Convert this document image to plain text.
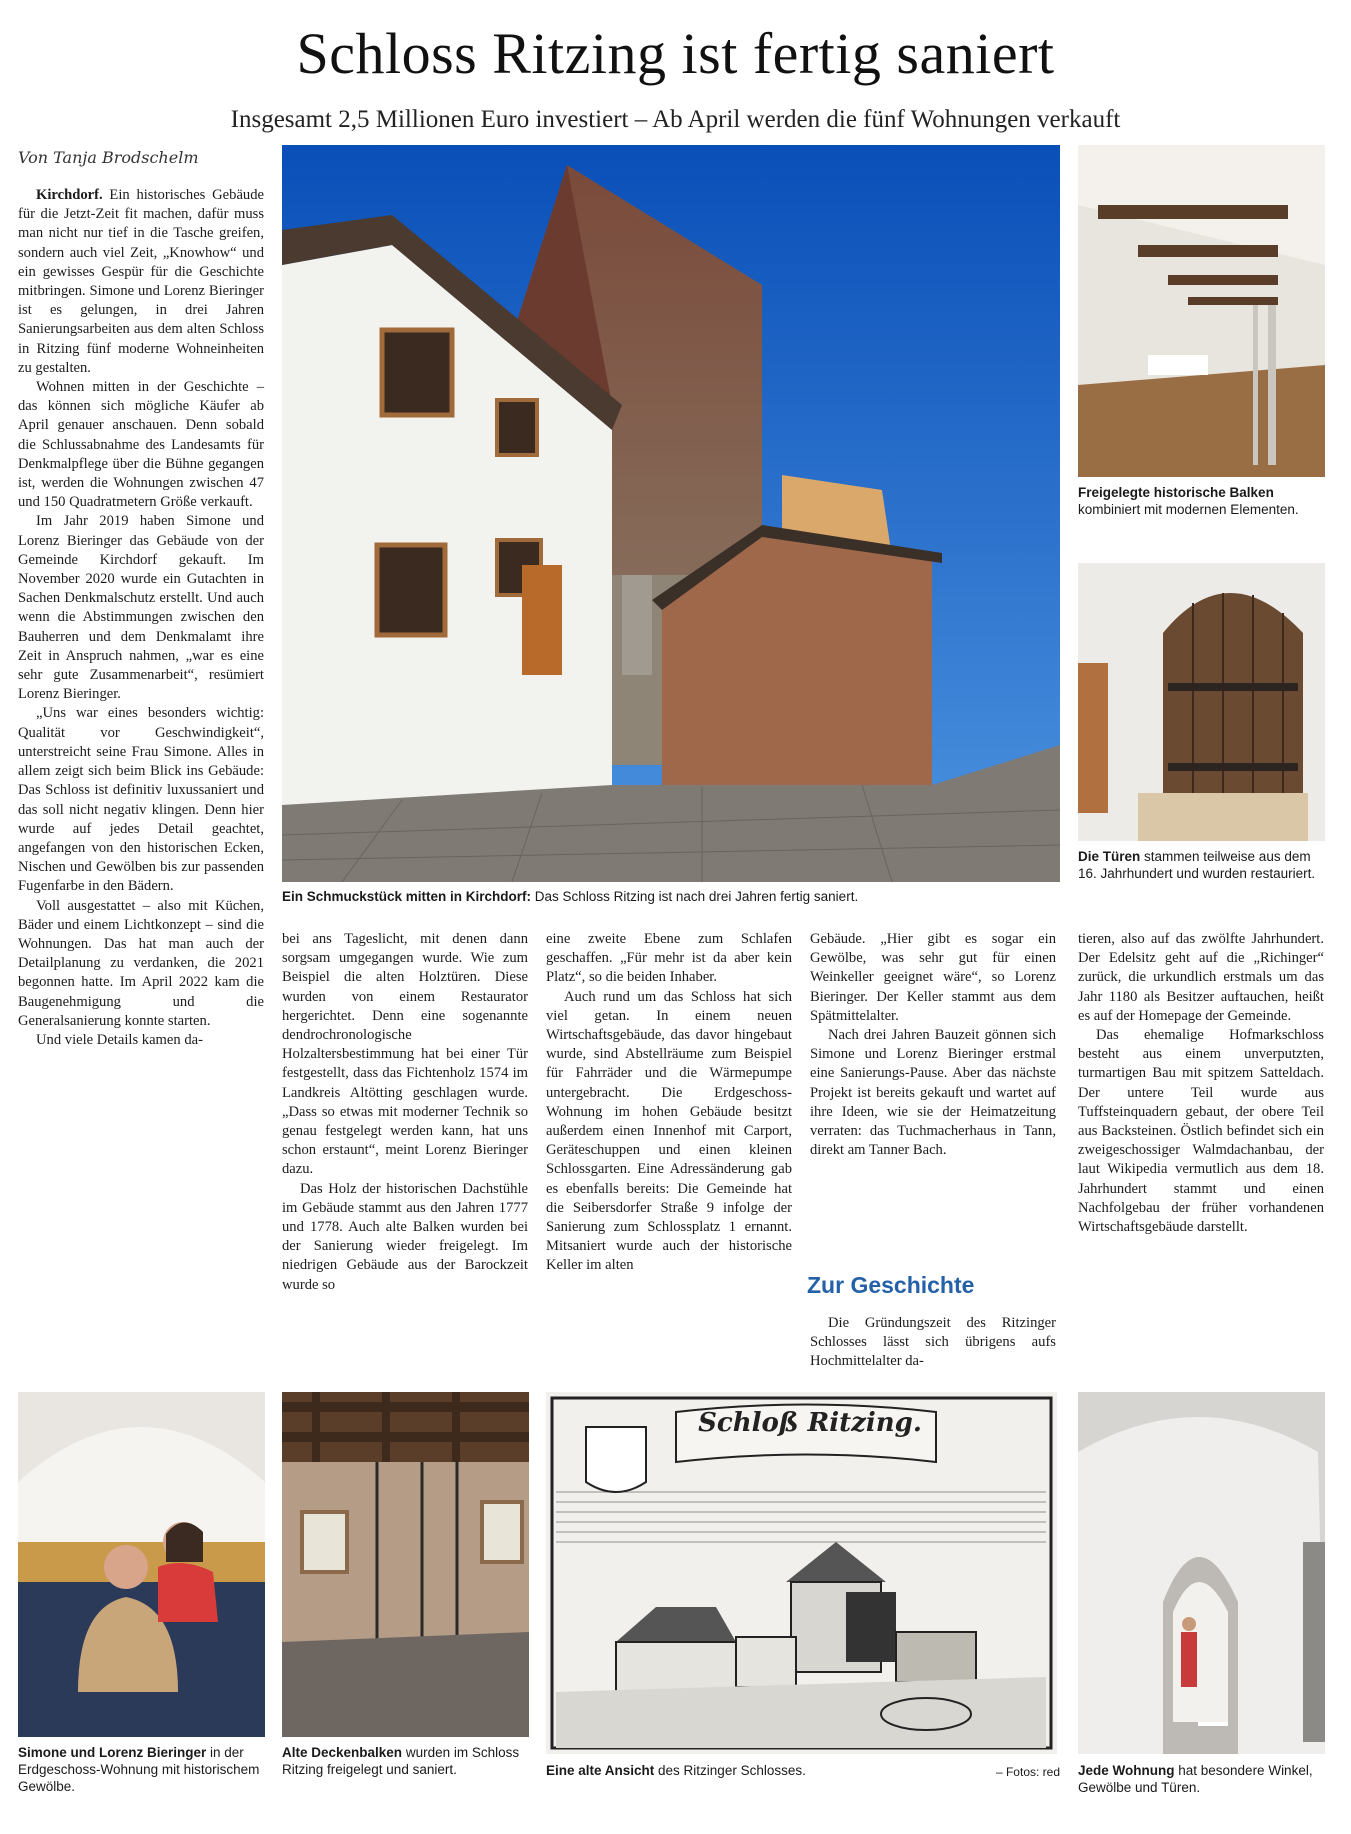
Schloss Ritzing ist fertig saniert
Insgesamt 2,5 Millionen Euro investiert – Ab April werden die fünf Wohnungen verkauft
Von Tanja Brodschelm

Kirchdorf. Ein historisches Gebäude für die Jetzt-Zeit fit machen, dafür muss man nicht nur tief in die Tasche greifen, sondern auch viel Zeit, „Knowhow“ und ein gewisses Gespür für die Geschichte mitbringen. Simone und Lorenz Bieringer ist es gelungen, in drei Jahren Sanierungsarbeiten aus dem alten Schloss in Ritzing fünf moderne Wohneinheiten zu gestalten.

Wohnen mitten in der Geschichte – das können sich mögliche Käufer ab April genauer anschauen. Denn sobald die Schlussabnahme des Landesamts für Denkmalpflege über die Bühne gegangen ist, werden die Wohnungen zwischen 47 und 150 Quadratmetern Größe verkauft.

Im Jahr 2019 haben Simone und Lorenz Bieringer das Gebäude von der Gemeinde Kirchdorf gekauft. Im November 2020 wurde ein Gutachten in Sachen Denkmalschutz erstellt. Und auch wenn die Abstimmungen zwischen den Bauherren und dem Denkmalamt ihre Zeit in Anspruch nahmen, „war es eine sehr gute Zusammenarbeit“, resümiert Lorenz Bieringer.

„Uns war eines besonders wichtig: Qualität vor Geschwindigkeit“, unterstreicht seine Frau Simone. Alles in allem zeigt sich beim Blick ins Gebäude: Das Schloss ist definitiv luxussaniert und das soll nicht negativ klingen. Denn hier wurde auf jedes Detail geachtet, angefangen von den historischen Ecken, Nischen und Gewölben bis zur passenden Fugenfarbe in den Bädern.

Voll ausgestattet – also mit Küchen, Bäder und einem Lichtkonzept – sind die Wohnungen. Das hat man auch der Detailplanung zu verdanken, die 2021 begonnen hatte. Im April 2022 kam die Baugenehmigung und die Generalsanierung konnte starten.

Und viele Details kamen da-

Ein Schmuckstück mitten in Kirchdorf: Das Schloss Ritzing ist nach drei Jahren fertig saniert.
Freigelegte historische Balken kombiniert mit modernen Elementen.
Die Türen stammen teilweise aus dem 16. Jahrhundert und wurden restauriert.

bei ans Tageslicht, mit denen dann sorgsam umgegangen wurde. Wie zum Beispiel die alten Holztüren. Diese wurden von einem Restaurator hergerichtet. Denn eine sogenannte dendrochronologische Holzaltersbestimmung hat bei einer Tür festgestellt, dass das Fichtenholz 1574 im Landkreis Altötting geschlagen wurde. „Dass so etwas mit moderner Technik so genau festgelegt werden kann, hat uns schon erstaunt“, meint Lorenz Bieringer dazu.

Das Holz der historischen Dachstühle im Gebäude stammt aus den Jahren 1777 und 1778. Auch alte Balken wurden bei der Sanierung wieder freigelegt. Im niedrigen Gebäude aus der Barockzeit wurde so

eine zweite Ebene zum Schlafen geschaffen. „Für mehr ist da aber kein Platz“, so die beiden Inhaber.

Auch rund um das Schloss hat sich viel getan. In einem neuen Wirtschaftsgebäude, das davor hingebaut wurde, sind Abstellräume zum Beispiel für Fahrräder und die Wärmepumpe untergebracht. Die Erdgeschoss-Wohnung im hohen Gebäude besitzt außerdem einen Innenhof mit Carport, Geräteschuppen und einen kleinen Schlossgarten. Eine Adressänderung gab es ebenfalls bereits: Die Gemeinde hat die Seibersdorfer Straße 9 infolge der Sanierung zum Schlossplatz 1 ernannt. Mitsaniert wurde auch der historische Keller im alten

Gebäude. „Hier gibt es sogar ein Gewölbe, was sehr gut für einen Weinkeller geeignet wäre“, so Lorenz Bieringer. Der Keller stammt aus dem Spätmittelalter.

Nach drei Jahren Bauzeit gönnen sich Simone und Lorenz Bieringer erstmal eine Sanierungs-Pause. Aber das nächste Projekt ist bereits gekauft und wartet auf ihre Ideen, wie sie der Heimatzeitung verraten: das Tuchmacherhaus in Tann, direkt am Tanner Bach.

Zur Geschichte

Die Gründungszeit des Ritzinger Schlosses lässt sich übrigens aufs Hochmittelalter da-

tieren, also auf das zwölfte Jahrhundert. Der Edelsitz geht auf die „Richinger“ zurück, die urkundlich erstmals um das Jahr 1180 als Besitzer auftauchen, heißt es auf der Homepage der Gemeinde.

Das ehemalige Hofmarkschloss besteht aus einem unverputzten, turmartigen Bau mit spitzem Satteldach. Der untere Teil wurde aus Tuffsteinquadern gebaut, der obere Teil aus Backsteinen. Östlich befindet sich ein zweigeschossiger Walmdachanbau, der laut Wikipedia vermutlich aus dem 18. Jahrhundert stammt und einen Nachfolgebau der früher vorhandenen Wirtschaftsgebäude darstellt.

Simone und Lorenz Bieringer in der Erdgeschoss-Wohnung mit historischem Gewölbe.
Alte Deckenbalken wurden im Schloss Ritzing freigelegt und saniert.
Schloß Ritzing.
Eine alte Ansicht des Ritzinger Schlosses.	– Fotos: red Jede Wohnung hat besondere Winkel, Gewölbe und Türen.
